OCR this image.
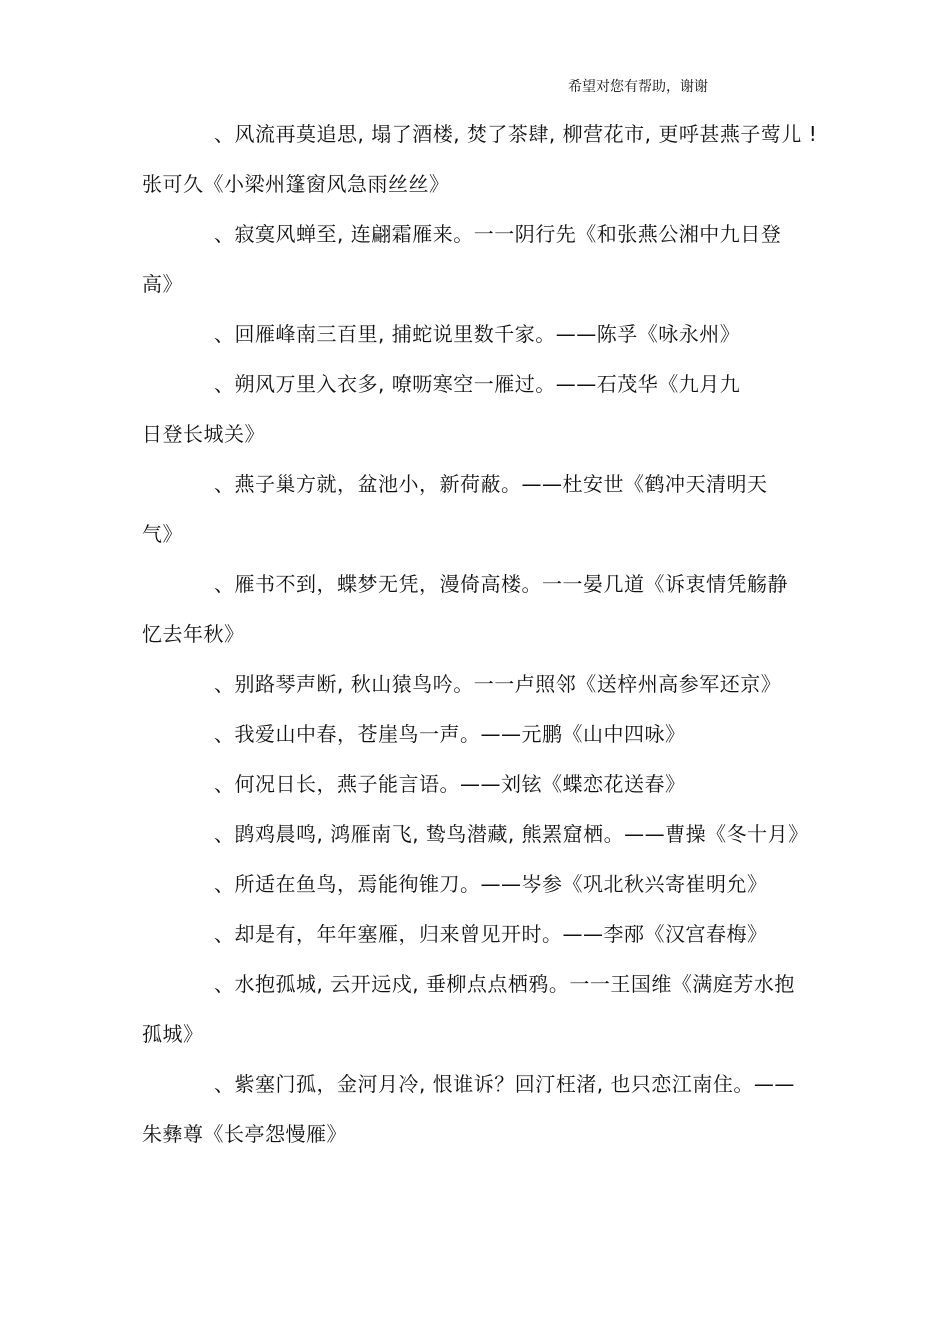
希望对您有帮助，谢谢

、风流再莫追思, 塌了酒楼, 焚了茶肆, 柳营花市, 更呼甚燕子莺儿 !
张可久《小梁州篷窗风急雨丝丝》

、寂寞风蝉至, 连翩霜雁来。一一阴行先《和张燕公湘中九日登
高》

、回雁峰南三百里, 捕蛇说里数千家。——陈孚《咏永州》

、朔风万里入衣多, 嘹呖寒空一雁过。——石茂华《九月九
日登长城关》

、燕子巢方就，盆池小，新荷蔽。——杜安世《鹤冲天清明天
气》

、雁书不到，蝶梦无凭，漫倚高楼。一一晏几道《诉衷情凭觞静
忆去年秋》

、别路琴声断, 秋山猿鸟吟。一一卢照邻《送梓州高参军还京》

、我爱山中春，苍崖鸟一声。——元鹏《山中四咏》

、何况日长，燕子能言语。——刘铉《蝶恋花送春》

、鹍鸡晨鸣, 鸿雁南飞, 鸷鸟潜藏, 熊罴窟栖。——曹操《冬十月》

、所适在鱼鸟，焉能徇锥刀。——岑参《巩北秋兴寄崔明允》

、却是有，年年塞雁，归来曾见开时。——李邴《汉宫春梅》

、水抱孤城, 云开远戍, 垂柳点点栖鸦。一一王国维《满庭芳水抱
孤城》

、紫塞门孤，金河月冷, 恨谁诉？回汀枉渚, 也只恋江南住。——
朱彝尊《长亭怨慢雁》
